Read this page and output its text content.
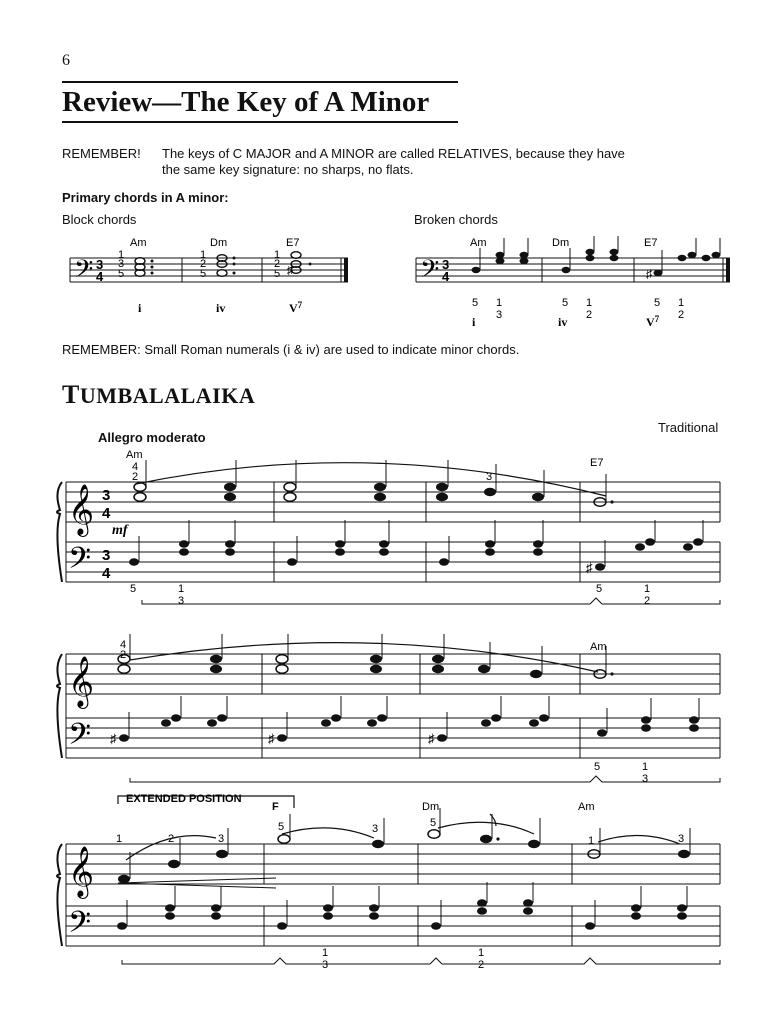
6
Review—The Key of A Minor
REMEMBER! The keys of C MAJOR and A MINOR are called RELATIVES, because they have
the same key signature: no sharps, no flats.
Primary chords in A minor:
Block chords	Broken chords
𝄢 3
4	♯
Am	Dm	E7
1
3
5
1
2
5
1
2
5
i	iv	$V^7$
𝄢 3
4	♯
Am	Dm	E7
5 1
3
5 1
2
5 1
2
i	iv	$V^7$
REMEMBER: Small Roman numerals (i & iv) are used to indicate minor chords.
TUMBALALAIKA
Traditional
Allegro moderato
𝄞
𝄢
3
4
3
4
mf
Am
4
2
E7
3
♯
5	1
3
5	1
2
𝄞
𝄢
4
2
Am
♯	♯	♯
5	1
3
EXTENDED POSITION
F	Dm	Am
𝄞
𝄢
1	2	3
5	3	5
1	3
1
3
1
2
